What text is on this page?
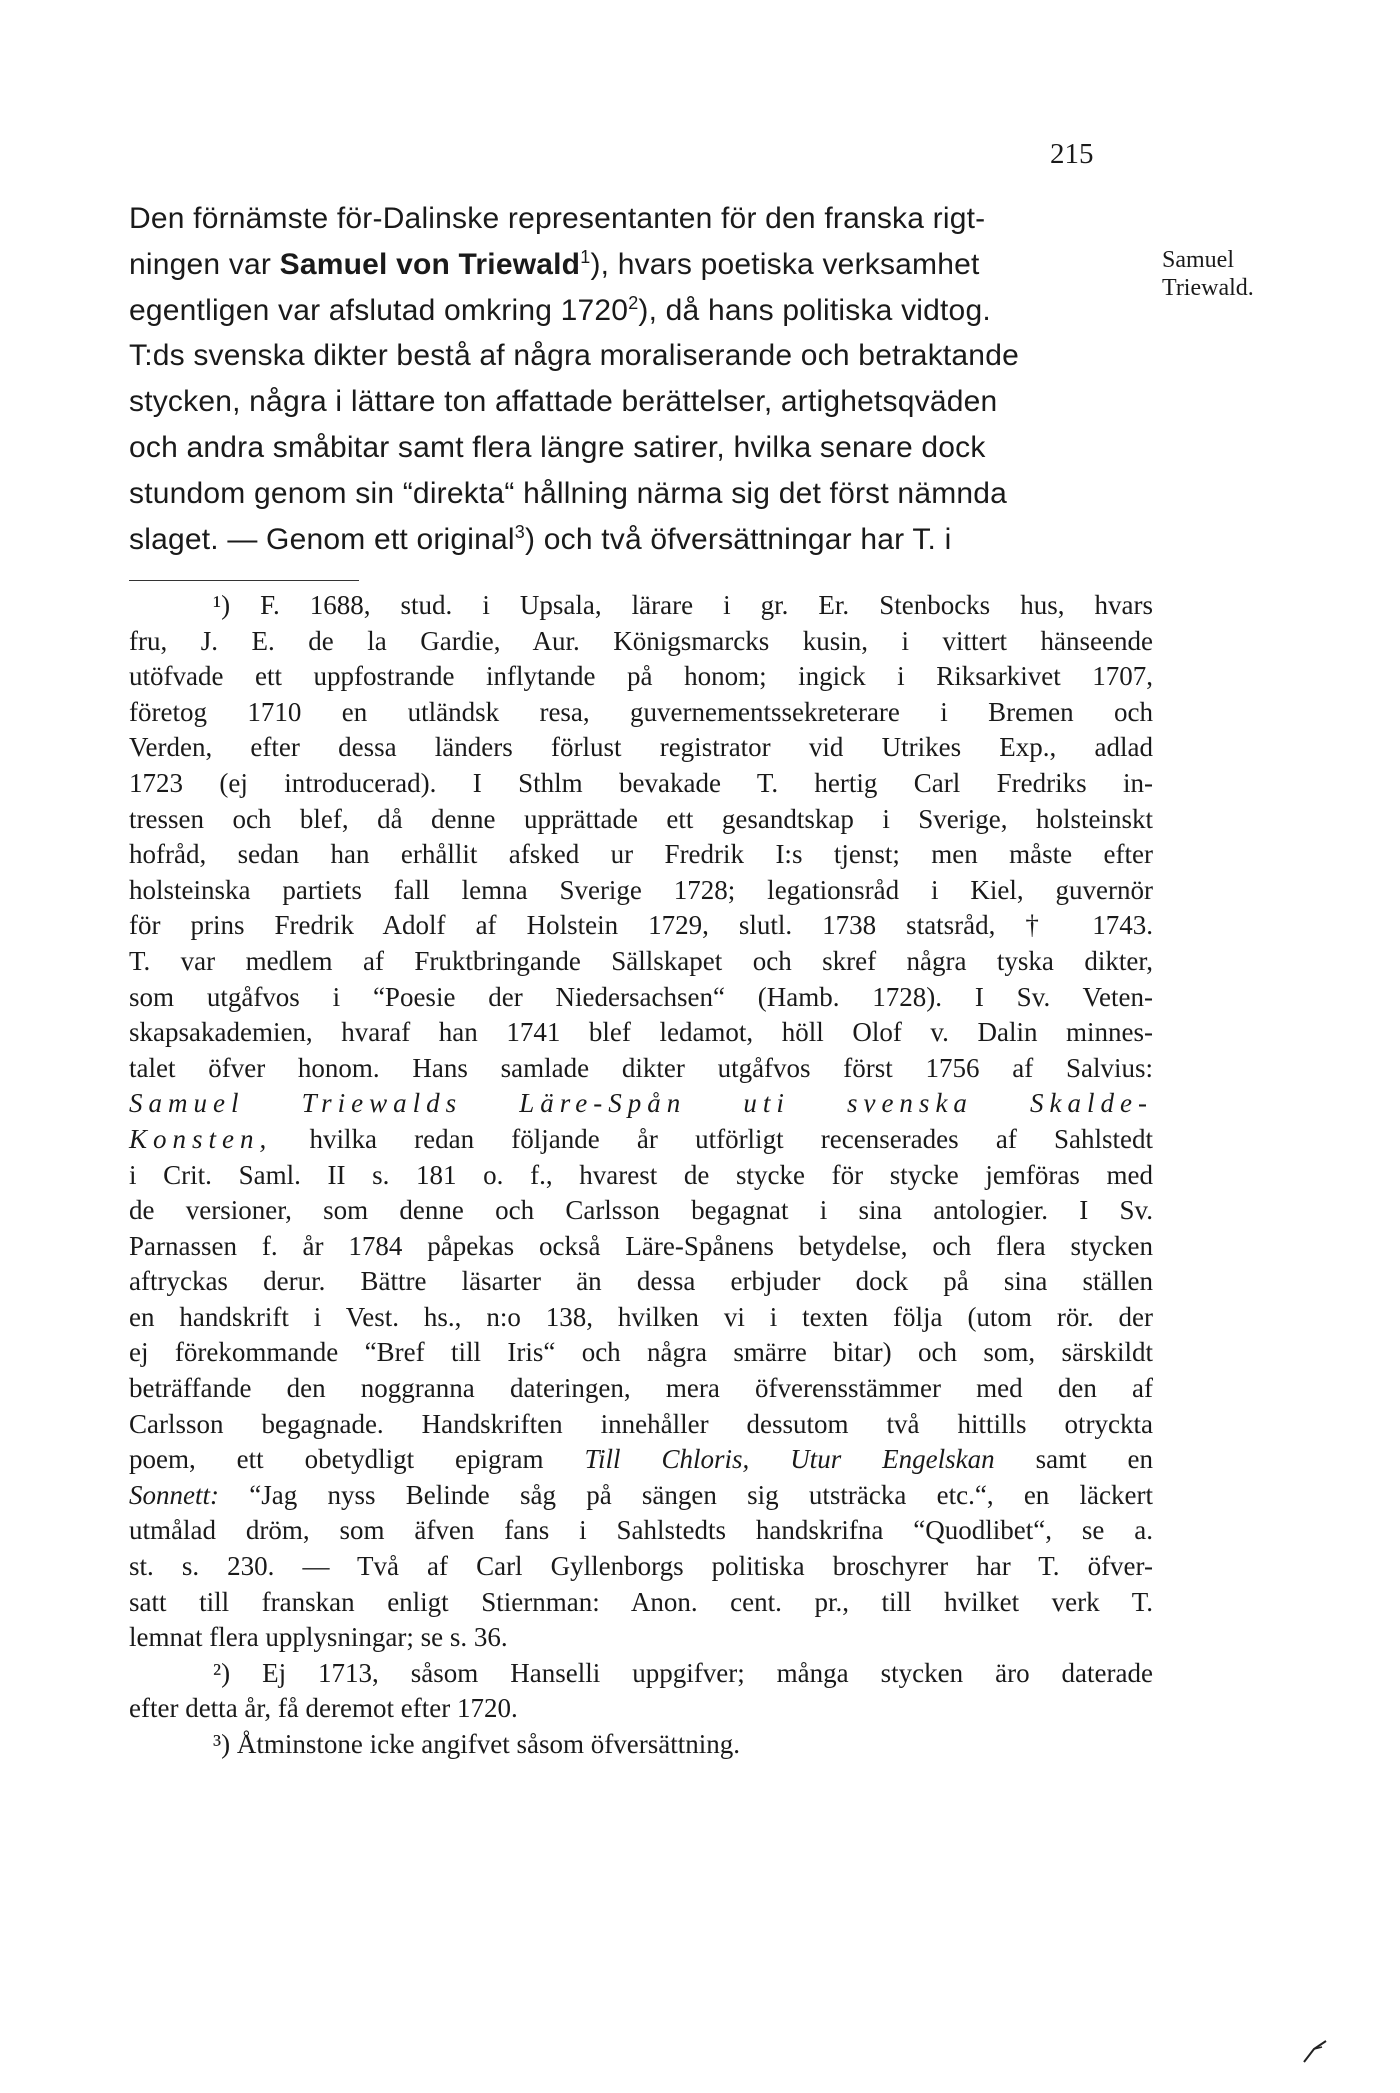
215
Samuel
Triewald.
Den förnämste för-Dalinske representanten för den franska rigt-
ningen var Samuel von Triewald$^1$), hvars poetiska verksamhet
egentligen var afslutad omkring 1720$^2$), då hans politiska vidtog.
T:ds svenska dikter bestå af några moraliserande och betraktande
stycken, några i lättare ton affattade berättelser, artighetsqväden
och andra småbitar samt flera längre satirer, hvilka senare dock
stundom genom sin “direkta“ hållning närma sig det först nämnda
slaget. — Genom ett original$^3$) och två öfversättningar har T. i
¹) F. 1688, stud. i Upsala, lärare i gr. Er. Stenbocks hus, hvars
fru, J. E. de la Gardie, Aur. Königsmarcks kusin, i vittert hänseende
utöfvade ett uppfostrande inflytande på honom; ingick i Riksarkivet 1707,
företog 1710 en utländsk resa, guvernementssekreterare i Bremen och
Verden, efter dessa länders förlust registrator vid Utrikes Exp., adlad
1723 (ej introducerad). I Sthlm bevakade T. hertig Carl Fredriks in-
tressen och blef, då denne upprättade ett gesandtskap i Sverige, holsteinskt
hofråd, sedan han erhållit afsked ur Fredrik I:s tjenst; men måste efter
holsteinska partiets fall lemna Sverige 1728; legationsråd i Kiel, guvernör
för prins Fredrik Adolf af Holstein 1729, slutl. 1738 statsråd, † 1743.
T. var medlem af Fruktbringande Sällskapet och skref några tyska dikter,
som utgåfvos i “Poesie der Niedersachsen“ (Hamb. 1728). I Sv. Veten-
skapsakademien, hvaraf han 1741 blef ledamot, höll Olof v. Dalin minnes-
talet öfver honom. Hans samlade dikter utgåfvos först 1756 af Salvius:
Samuel Triewalds Läre-Spån uti svenska Skalde-
Konsten, hvilka redan följande år utförligt recenserades af Sahlstedt
i Crit. Saml. II s. 181 o. f., hvarest de stycke för stycke jemföras med
de versioner, som denne och Carlsson begagnat i sina antologier. I Sv.
Parnassen f. år 1784 påpekas också Läre-Spånens betydelse, och flera stycken
aftryckas derur. Bättre läsarter än dessa erbjuder dock på sina ställen
en handskrift i Vest. hs., n:o 138, hvilken vi i texten följa (utom rör. der
ej förekommande “Bref till Iris“ och några smärre bitar) och som, särskildt
beträffande den noggranna dateringen, mera öfverensstämmer med den af
Carlsson begagnade. Handskriften innehåller dessutom två hittills otryckta
poem, ett obetydligt epigram Till Chloris, Utur Engelskan samt en
Sonnett: “Jag nyss Belinde såg på sängen sig utsträcka etc.“, en läckert
utmålad dröm, som äfven fans i Sahlstedts handskrifna “Quodlibet“, se a.
st. s. 230. — Två af Carl Gyllenborgs politiska broschyrer har T. öfver-
satt till franskan enligt Stiernman: Anon. cent. pr., till hvilket verk T.
lemnat flera upplysningar; se s. 36.
²) Ej 1713, såsom Hanselli uppgifver; många stycken äro daterade
efter detta år, få deremot efter 1720.
³) Åtminstone icke angifvet såsom öfversättning.
